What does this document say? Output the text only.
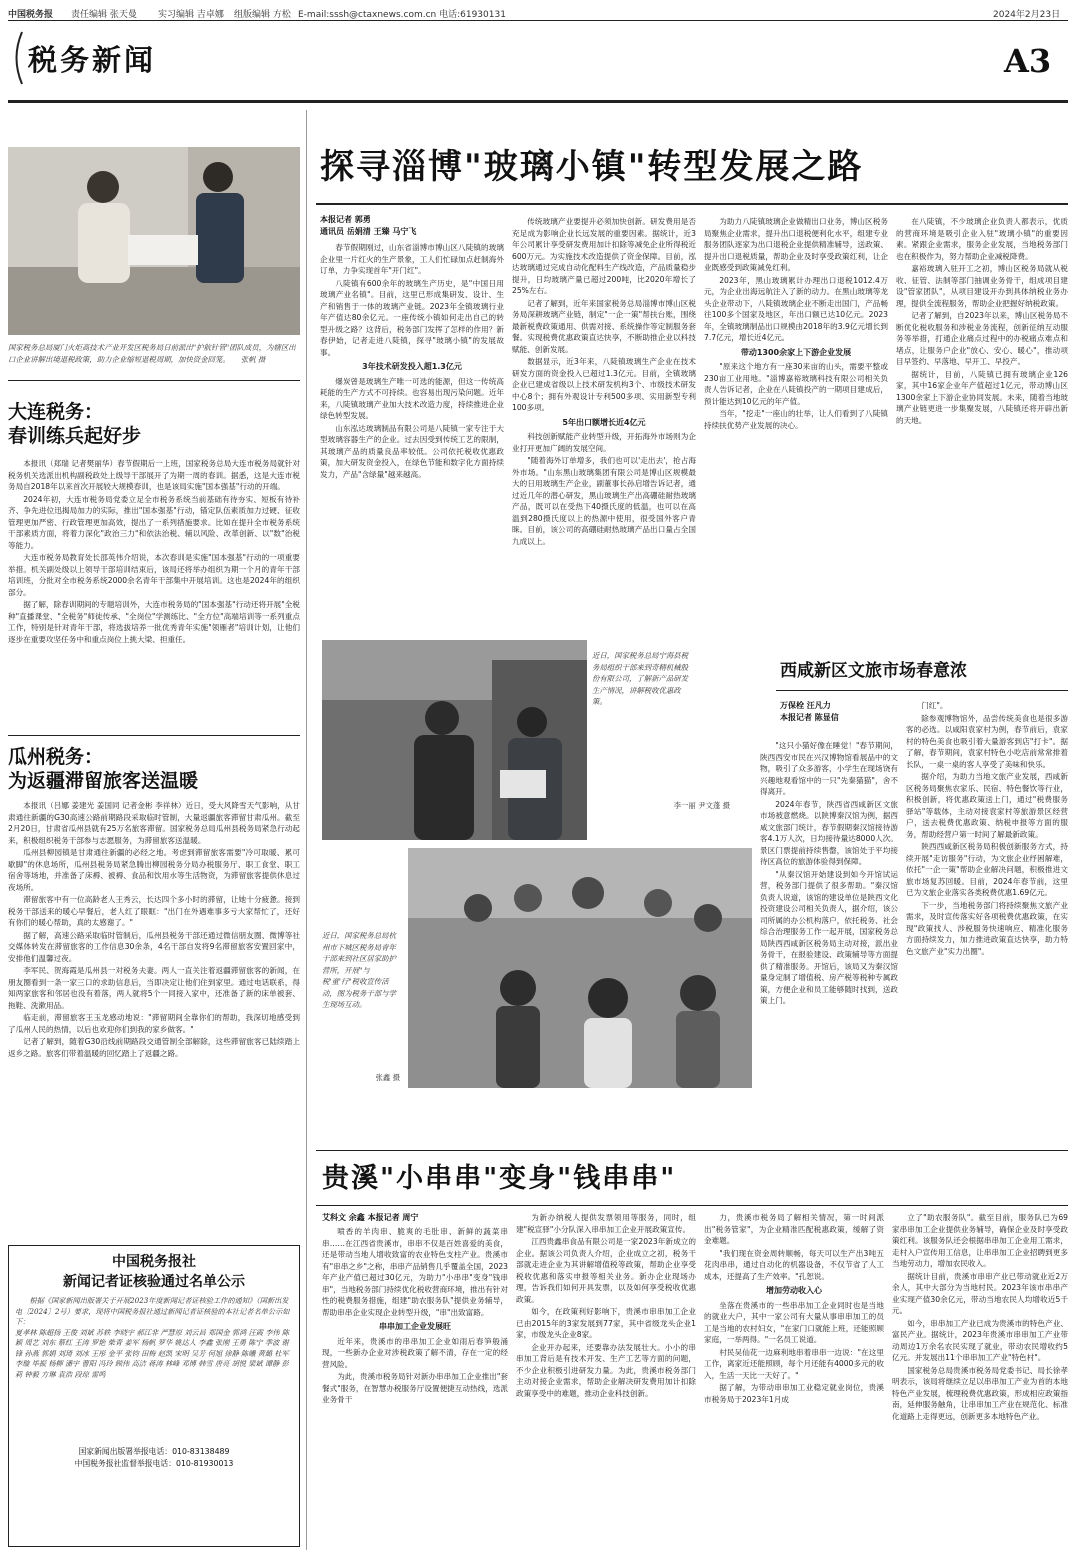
中国税务报 责任编辑 张天曼 实习编辑 吉卓娜 组版编辑 方松 E-mail:sssh@ctaxnews.com.cn 电话:61930131	2024年2月23日
税务新闻	A3
国家税务总局厦门火炬高技术产业开发区税务局日前派出"护航针管"团队成员，为辖区出口企业讲解出境退税政策，助力企业缩短退税周期，加快资金回笼。　　张帆 摄
大连税务：
春训练兵起好步

本报讯（郑瑞 记者樊丽华）春节假期后一上班，国家税务总局大连市税务局就针对税务机关选派出机构副税政处上级导干部展开了为期一周的春训。据悉，这是大连市税务局自2018年以来首次开展较大规模春训，也是该局实施"国本强基"行动的开端。

2024年初，大连市税务局党委立足全市税务系统当前基础有待夯实、短板有待补齐、争先进位迅揭局加力的实际，推出"国本强基"行动，锚定队伍素质加力过硬、征收管理更加严密、行政管理更加高效，提出了一系列措施要求。比如在提升全市税务系统干部素质方面，将着力深化"政治三力"和依法治税、辅以风险、改革创新、以"数"治税等能力。

大连市税务局教育处长邵英伟介绍说，本次春训是实施"国本强基"行动的一项重要举措。机关副处级以上领导干部培训结束后，该局还将举办组织为期一个月的青年干部培训班，分批对全市税务系统2000余名青年干部集中开展培训。这也是2024年的组织部分。

据了解，除春训期间的专题培训外，大连市税务局的"国本强基"行动还将开展"全税种"直播课堂、"全税务"师徒传承、"全岗位"学测练比、"全方位"高端培训等一系列重点工作，特别是针对青年干部，将选拔培养一批优秀青年实施"领雁者"培训计划，让他们逐步在重要攻坚任务中和重点岗位上挑大梁、担重任。

瓜州税务：
为返疆滞留旅客送温暖

本报讯（吕娜 姜建光 姜国同 记者金彬 李祥林）近日，受大风降雪天气影响，从甘肃通往新疆的G30高速公路前期路段采取临时管制，大量返疆旅客滞留甘肃瓜州。截至2月20日，甘肃省瓜州县就有25万名旅客滞留。国家税务总局瓜州县税务局紧急行动起来，积极组织税务干部参与志愿服务，为滞留旅客送温暖。

瓜州县柳园镇是甘肃通往新疆的必经之地。考虑到滞留旅客需要"冷可取暖、累可歇脚"的休息场所，瓜州县税务局紧急腾出柳园税务分局办税服务厅、职工食堂、职工宿舍等场地，并准备了床褥、被褥、食品和饮用水等生活物资，为滞留旅客提供休息过夜场所。

滞留旅客中有一位高龄老人王秀云，长达四个多小时的滞留，让她十分疲惫。接到税务干部送来的暖心早餐后，老人红了眼眶："出门在外遇难事多亏大家帮忙了，还好有你们的暖心帮助，真的太感谢了。"

据了解，高速公路采取临时管制后，瓜州县税务干部还通过微信朋友圈、微博等社交媒体转发在滞留旅客的工作信息30余条，4名干部自发将9名滞留旅客安置回家中，安排他们温馨过夜。

李军民、贺海霞是瓜州县一对税务夫妻。两人一直关注着返疆滞留旅客的新闻，在朋友圈看到一条一家三口的求助信息后，当即决定让他们住到家里。通过电话联系，得知两家旅客和邻居也没有着落，两人就将5个一同接入家中，还准备了新的床单被套、拖鞋、洗漱用品。

临走前，滞留旅客王玉龙感动地说："滞留期间全靠你们的帮助，我深切地感受到了瓜州人民的热情，以后也欢迎你们到我的家乡做客。"

记者了解到，随着G30沿线前期路段交通管制全部解除，这些滞留旅客已陆续踏上返乡之路。旅客们带着温暖的回忆踏上了返疆之路。

中国税务报社
新闻记者证核验通过名单公示
根据《国家新闻出版署关于开展2023年度新闻记者证核验工作的通知》（国新出发电〔2024〕2号）要求，现将中国税务报社通过新闻记者证核验的本社记者名单公示如下：
夏孝林 陈超扬 王俊 刘斌 苏轶 李晓宇 郝江非 严慧原 刘云昌 郑国金 郭鸿 汪霞 李伟 陈颖 周艺 刘东 蔡红 王涛 罗艳 柴青 姜军 杨帆 罗华 姚达人 李鑫 张刚 王勇 陈宁 季波 谢锋 孙燕 郭娟 刘琦 刘冰 王彤 金平 张钧 田梅 赵凯 宋明 吴芳 何旭 徐静 陈曦 黄璐 杜军 李璇 毕振 杨柳 潘宇 曹阳 冯玲 顾伟 高洁 蒋涛 林峰 邓博 韩雪 唐亮 胡悦 梁斌 谭静 彭莉 钟毅 方琳 袁浩 段琼 雷鸣
国家新闻出版署举报电话：010-83138489
中国税务报社监督举报电话：010-81930013
探寻淄博"玻璃小镇"转型发展之路
本报记者 郭勇
通讯员 岳娟清 王臻 马宁飞

春节假期刚过，山东省淄博市博山区八陡镇的玻璃企业里一片红火的生产景象，工人们忙碌加点赶制海外订单，力争实现首年"开门红"。

八陡镇有600余年的玻璃生产历史，是"中国日用玻璃产业名镇"。目前，这里已形成集研发、设计、生产和销售于一体的玻璃产业链。2023年全镇玻璃行业年产值达80余亿元。一座传统小镇如何走出自己的转型升级之路？这背后，税务部门发挥了怎样的作用？新春伊始，记者走进八陡镇，探寻"玻璃小镇"的发展故事。

3年技术研发投入超1.3亿元

爆炭曾是玻璃生产唯一可选的能源，但这一传统高耗能的生产方式不可持续。也容易出现污染问题。近年来，八陡镇玻璃产业加大技术改造力度，持续推进企业绿色转型发展。

山东泓达玻璃制品有限公司是八陡镇一家专注于大型玻璃容器生产的企业。过去因受到传统工艺的限制，其玻璃产品的质量良品率较低。公司依托税收优惠政策，加大研发资金投入，在绿色节能和数字化方面持续发力，产品"含绿量"越来越高。

传统玻璃产业要提升必须加快创新。研发费用是否充足成为影响企业长远发展的重要因素。据统计，近3年公司累计享受研发费用加计扣除等减免企业所得税近600万元。为实施技术改造提供了资金保障。目前，泓达玻璃通过完成自动化配料生产线改造，产品质量稳步提升，日均玻璃产量已超过200吨，比2020年增长了25%左右。

记者了解到，近年来国家税务总局淄博市博山区税务局深耕玻璃产业链，制定"一企一策"帮扶台账，围绕最新税费政策通用、供需对接、系统操作等定制服务套餐。实现税费优惠政策直达快享，不断助推企业以科技赋能、创新发展。

数据显示，近3年来，八陡镇玻璃生产企业在技术研发方面的资金投入已超过1.3亿元。目前，全镇玻璃企业已建成省级以上技术研发机构3个、市级技术研发中心8个；拥有外观设计专利500多项、实用新型专利100多项。

5年出口额增长近4亿元

科技创新赋能产业转型升级，开拓海外市场则为企业打开更加广阔的发展空间。

"随着海外订单增多，我们也可以'走出去'，抢占海外市场。"山东黑山玻璃集团有限公司是博山区规模最大的日用玻璃生产企业，副董事长孙启增告诉记者，通过近几年的潜心研发，黑山玻璃生产出高硼硅耐热玻璃产品，既可以在受热下40摄氏度的低温，也可以在高温到280摄氏度以上的热源中使用，很受国外客户青睐。目前，该公司的高硼硅耐热玻璃产品出口量占全国九成以上。

为助力八陡镇玻璃企业做精出口业务，博山区税务局聚焦企业需求，提升出口退税便利化水平，组建专业服务团队逐家为出口退税企业提供精准辅导，送政策、提升出口退税质量，帮助企业及时享受政策红利，让企业既感受到政策减免红利。

2023年，黑山玻璃累计办理出口退税1012.4万元，为企业出海远航注入了新的动力。在黑山玻璃等龙头企业带动下，八陡镇玻璃企业不断走出国门，产品畅往100多个国家及地区，年出口额已达10亿元。2023年，全镇玻璃制品出口规模由2018年的3.9亿元增长到7.7亿元，增长近4亿元。

带动1300余家上下游企业发展

"原来这个地方有一座30来亩的山头，需要平整或230亩工业用地。"淄博嘉裕玻璃科技有限公司相关负责人告诉记者，企业在八陡镇投产的一期项目建成后，预计能达到10亿元的年产值。

当年，"挖走"一座山的壮举，让人们看到了八陡镇持续扶优势产业发展的决心。

在八陡镇，不少玻璃企业负责人都表示，优质的营商环境是吸引企业入驻"玻璃小镇"的重要因素。紧跟企业需求，服务企业发展，当地税务部门也在积极作为，努力帮助企业减税降费。

嘉裕玻璃入驻开工之初，博山区税务局就从税收、征管、法制等部门抽调业务骨干，组成项目建设"管家团队"，从项目建设开办到具体纳税业务办理，提供全流程服务，帮助企业把握好纳税政策。

记者了解到，自2023年以来，博山区税务局不断优化税收服务和涉税业务流程，创新征纳互动服务等举措，打通企业痛点过程中的办税痛点难点和堵点，让服务户企业"放心、安心、暖心"，推动项目早签约、早落地、早开工、早投产。

据统计，目前，八陡镇已拥有玻璃企业126家，其中16家企业年产值超过1亿元，带动博山区1300余家上下游企业协同发展。未来，随着当地玻璃产业链更进一步集聚发展，八陡镇还将开辟出新的天地。

近日，国家税务总局宁海县税务局组织干部来到奇精机械股份有限公司，了解新产品研发生产情况，讲解税收优惠政策。
李一丽 尹文蓬 摄
近日，国家税务总局杭州市下城区税务局青年干部来到社区居家助护营所，开展"与税'童'行"税收宣传活动，图为税务干部与学生现场互动。
张鑫 摄
西咸新区文旅市场春意浓
万保栓 汪凡力
本报记者 陈显信

"这只小猫好像在睡觉！"春节期间，陕西西安市民在兴汉博物馆看展品中的文物，吸引了众多游客，小学生在现场饶有兴趣地观看馆中的一只"先秦猫猫"，舍不得离开。

2024年春节，陕西省西咸新区文旅市场被意燃烧。以陕博秦汉馆为例，据西咸文旅部门统计，春节假期秦汉馆接待游客4.1万人次，日均接待量达8000人次。景区门票提前持续售罄，该馆处于平均接待区高位的旅游体验得到保障。

"从秦汉馆开始建设到如今开馆试运营，税务部门提供了很多帮助。"秦汉馆负责人说道，该馆的建设单位是陕西文化投资建设公司相关负责人，据介绍，该公司所属的办公机构落户，依托税务、社会综合治理服务工作一起开展，国家税务总局陕西西咸新区税务局主动对接，派出业务骨干，在报验建设、政策辅导等方面提供了精准服务。开馆后，该局又为秦汉馆量身定制了增值税、房产税等税种专属政策，方便企业和员工能够随时找到，送政策上门。

门红"。

除参观博物馆外，品尝传统美食也是很多游客的必选。以咸阳袁家村为例，春节前后，袁家村的特色美食也吸引着大量游客到店"打卡"。据了解，春节期间，袁家村特色小吃店前常常排着长队，一桌一桌的客人享受了美味和快乐。

据介绍，为助力当地文旅产业发展，西咸新区税务局聚焦农家乐、民宿、特色餐饮等行业，积极创新，将优惠政策送上门，通过"税费服务驿站"等载体，主动对接袁家村等旅游景区经营户，送去税费优惠政策、纳税申报等方面的服务，帮助经营户第一时间了解最新政策。

陕西西咸新区税务局积极创新服务方式，持续开展"走访服务"行动，为文旅企业纾困解难，依托"一企一策"帮助企业解决问题，积极推进文旅市场复苏回暖。目前，2024年春节前，这里已为文旅企业落实各类税费优惠1.69亿元。

下一步，当地税务部门将持续聚焦文旅产业需求，及时宣传落实好各项税费优惠政策，在实现"政策找人、涉税服务快速响应、精准化服务方面持续发力，加力推进政策直达快享，助力特色文旅产业"实力出圈"。

贵溪"小串串"变身"钱串串"
艾科文 余鑫 本报记者 周宁

喷香的羊肉串、脆爽的毛肚串、新鲜的蔬菜串串……在江西省贵溪市，串串不仅是百姓喜爱的美食，还是带动当地人增收致富的农业特色支柱产业。贵溪市有"串串之乡"之称，串串产品销售几乎覆盖全国，2023年产业产值已超过30亿元，为助力"小串串"变身"钱串串"，当地税务部门持续优化税收营商环境，推出有针对性的税费服务措施，组建"助农服务队"提供业务辅导，帮助串串企业实现企业转型升级，"串"出致富路。

串串加工企业发展旺

近年来，贵溪市的串串加工企业如雨后春笋般涌现，一些新办企业对涉税政策了解不清，存在一定的经营风险。

为此，贵溪市税务局针对新办串串加工企业推出"套餐式"服务，在智慧办税服务厅设置便捷互动热线，选派业务骨干

为新办纳税人提供发票领用等服务，同时，组建"税宣驿"小分队深入串串加工企业开展政策宣传。

江西贵鑫串食品有限公司是一家2023年新成立的企业。据该公司负责人介绍，企业成立之初，税务干部就走进企业为其讲解增值税等政策，帮助企业享受税收优惠和落实申报等相关业务。新办企业现场办理，告诉我们如何开具发票，以及如何享受税收优惠政策。

如今，在政策利好影响下，贵溪市串串加工企业已由2015年的3家发展到77家，其中省级龙头企业1家，市级龙头企业8家。

企业开办起来，还要靠办法发展壮大。小小的串串加工背后是有技术开发、生产工艺等方面的问题，不少企业积极引进研发力量。为此，贵溪市税务部门主动对接企业需求，帮助企业解决研发费用加计扣除政策享受中的难题，推动企业科技创新。

力，贵溪市税务局了解相关情况，第一时间派出"税务管家"，为企业精准匹配税惠政策，缓解了资金难题。

"我们现在资金周转顺畅，每天可以生产出3吨五花肉串串，通过自动化的机器设备，不仅节省了人工成本，还提高了生产效率。"孔恕说。

增加劳动收入心

坐落在贵溪市的一些串串加工企业同时也是当地的就业大户，其中一家公司有大量从事串串加工的员工是当地的农村妇女，"在家门口就能上班，还能照顾家庭，一举两得。"一名员工说道。

村民吴仙花一边麻利地串着串串一边说："在这里工作，离家近还能照顾，每个月还能有4000多元的收入，生活一天比一天好了。"

据了解，为带动串串加工业稳定就业岗位，贵溪市税务局于2023年1月成

立了"助农服务队"。截至目前，服务队已为69家串串加工企业提供业务辅导，确保企业及时享受政策红利。该服务队还会根据串串加工企业用工需求，走村入户宣传用工信息，让串串加工企业招聘到更多当地劳动力，增加农民收入。

据统计目前，贵溪市串串产业已带动就业近2万余人，其中大部分为当地村民。2023年该市串串产业实现产值30余亿元，带动当地农民人均增收近5千元。

如今，串串加工产业已成为贵溪市的特色产业、富民产业。据统计，2023年贵溪市串串加工产业带动周边1万余名农民实现了就业，带动农民增收约5亿元。并发展出11个串串加工产业"特色村"。

国家税务总局贵溪市税务局党委书记、局长徐孝明表示，该局将继续立足以串串加工产业为首的本地特色产业发展，梳理税费优惠政策，形成相应政策指南，延伸服务触角，让串串加工产业在规范化、标准化道路上走得更远，创新更多本地特色产业。
